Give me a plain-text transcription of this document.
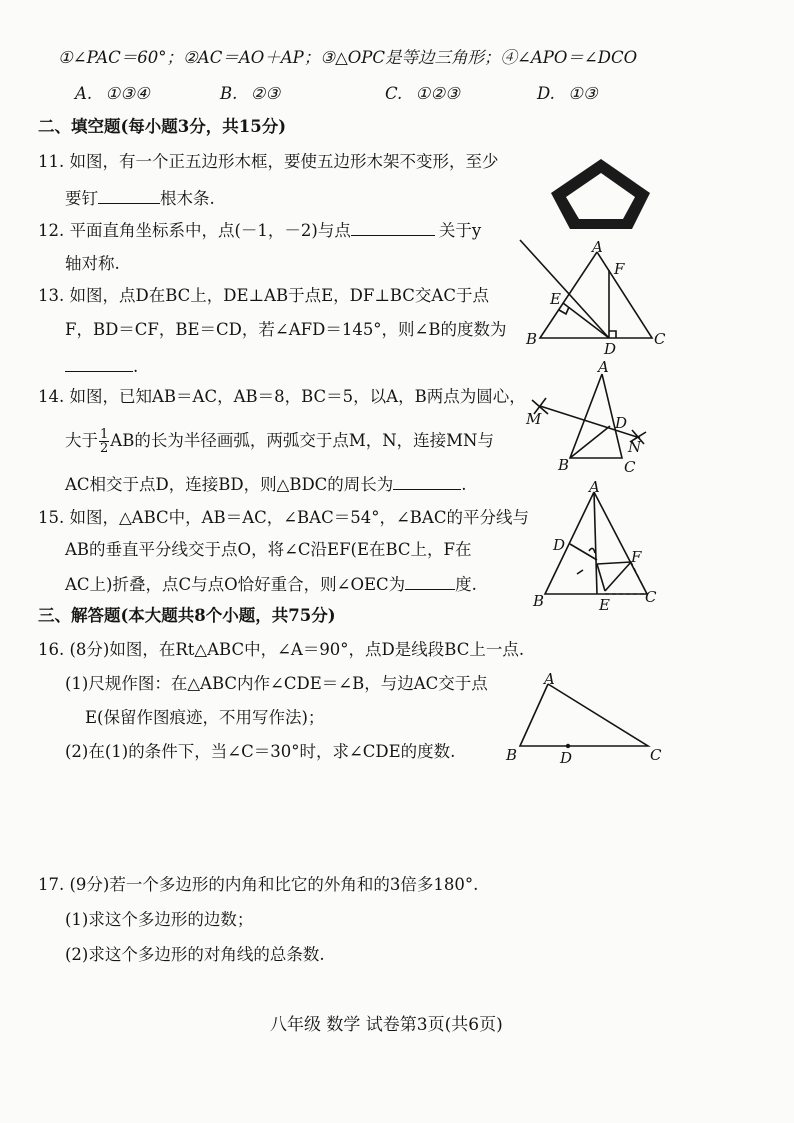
①∠PAC＝60°；②AC＝AO＋AP；③△OPC是等边三角形；④∠APO＝∠DCO
A. ①③④	B. ②③	C. ①②③	D. ①③
二、填空题(每小题3分，共15分)
11. 如图，有一个正五边形木框，要使五边形木架不变形，至少
要钉	根木条.
12. 平面直角坐标系中，点(－1，－2)与点	关于y
轴对称.
13. 如图，点D在BC上，DE⊥AB于点E，DF⊥BC交AC于点
F，BD＝CF，BE＝CD，若∠AFD＝145°，则∠B的度数为
.
A
F
E
B
D
C
14. 如图，已知AB＝AC，AB＝8，BC＝5，以A，B两点为圆心，
大于 $\frac{1}{2}$ AB的长为半径画弧，两弧交于点M，N，连接MN与
AC相交于点D，连接BD，则△BDC的周长为	.
A
M	D
N
B	C
15. 如图，△ABC中，AB＝AC，∠BAC＝54°，∠BAC的平分线与
AB的垂直平分线交于点O，将∠C沿EF(E在BC上，F在
AC上)折叠，点C与点O恰好重合，则∠OEC为	度.
A
D
F
B	E C
三、解答题(本大题共8个小题，共75分)
16. (8分)如图，在Rt△ABC中，∠A＝90°，点D是线段BC上一点.
(1)尺规作图：在△ABC内作∠CDE＝∠B，与边AC交于点
E(保留作图痕迹，不用写作法)；
(2)在(1)的条件下，当∠C＝30°时，求∠CDE的度数.
A
B	D	C
17. (9分)若一个多边形的内角和比它的外角和的3倍多180°.
(1)求这个多边形的边数；
(2)求这个多边形的对角线的总条数.
八年级 数学 试卷第3页(共6页)
